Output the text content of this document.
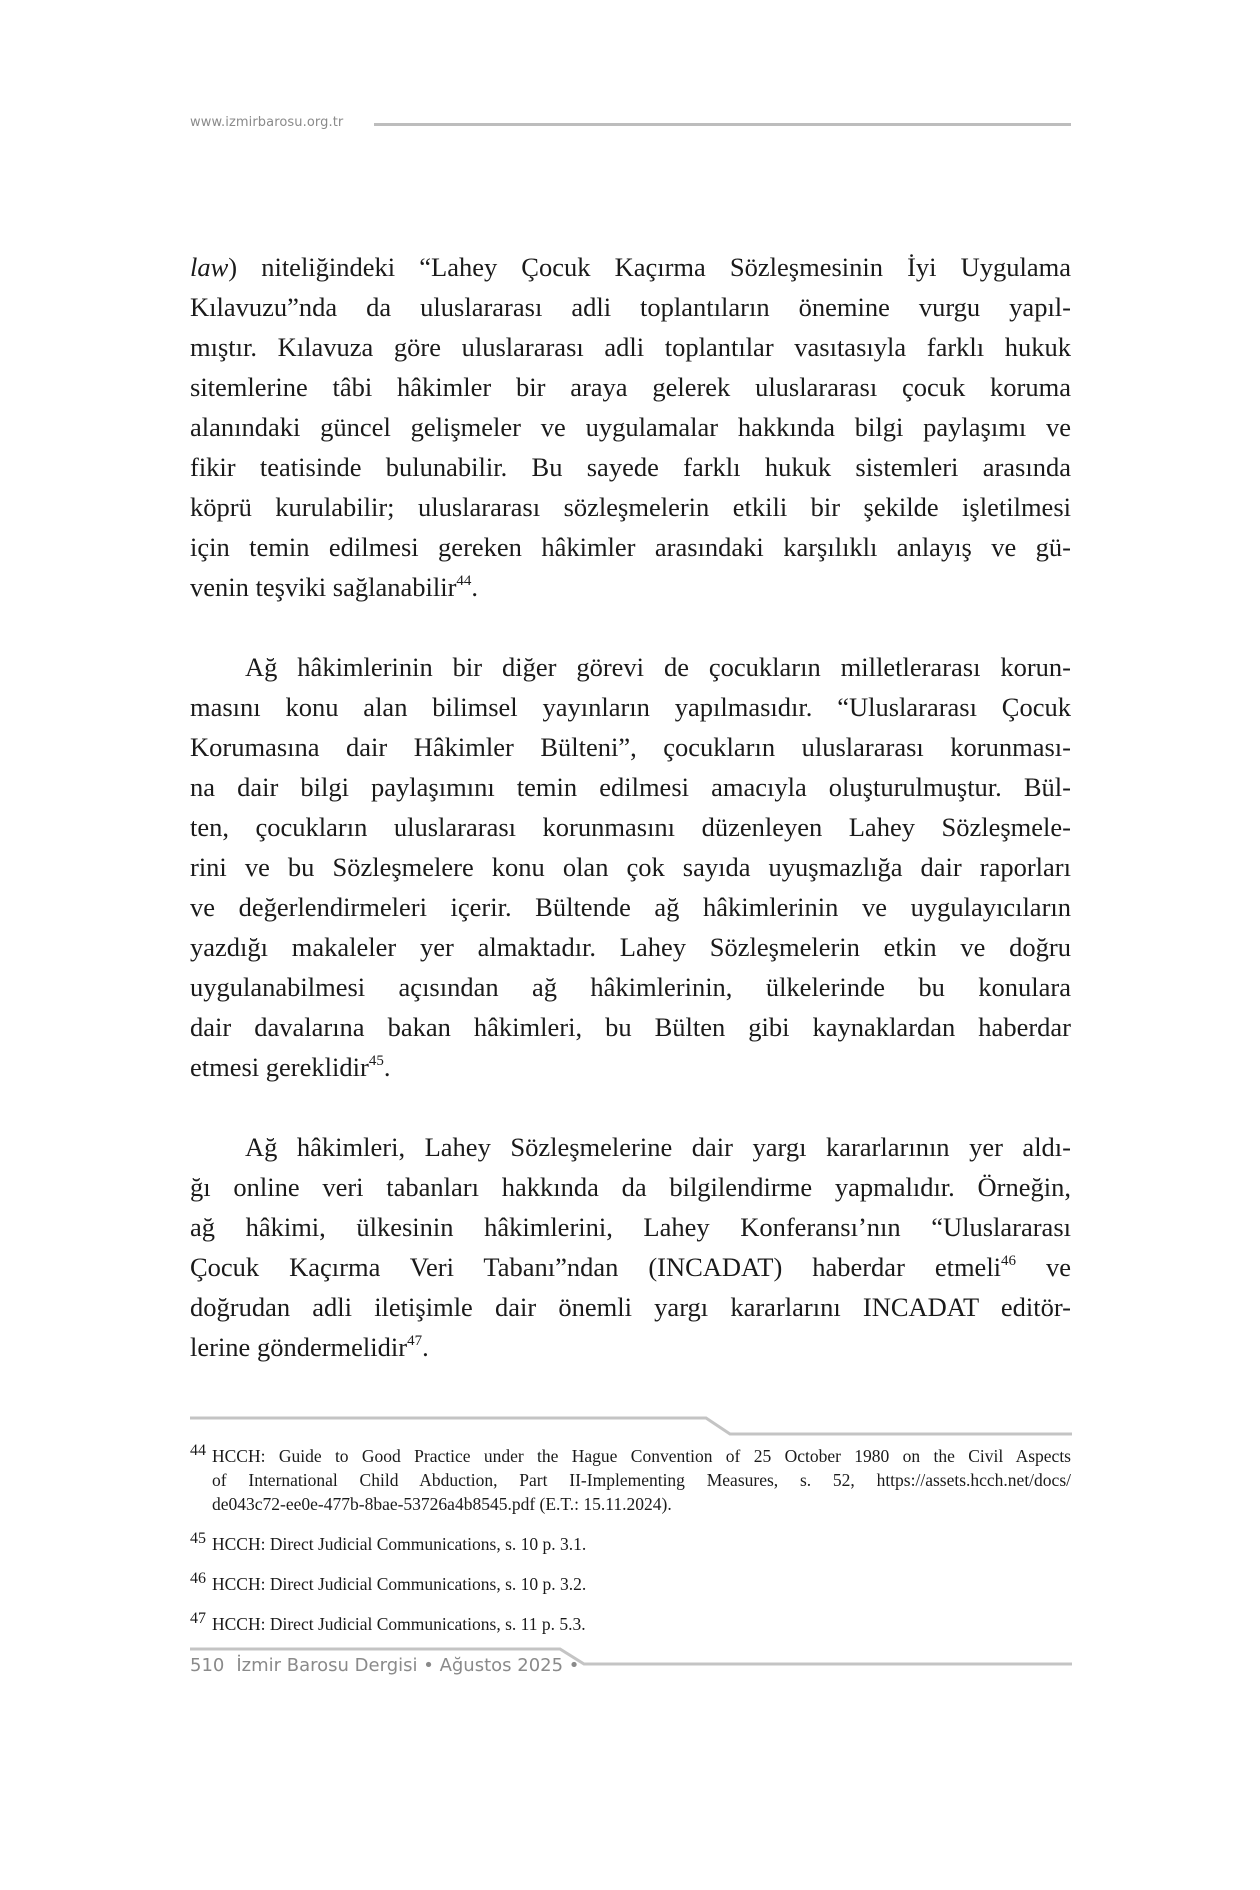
www.izmirbarosu.org.tr

law) niteliğindeki “Lahey Çocuk Kaçırma Sözleşmesinin İyi Uygulama
Kılavuzu”nda da uluslararası adli toplantıların önemine vurgu yapıl-
mıştır. Kılavuza göre uluslararası adli toplantılar vasıtasıyla farklı hukuk
sitemlerine tâbi hâkimler bir araya gelerek uluslararası çocuk koruma
alanındaki güncel gelişmeler ve uygulamalar hakkında bilgi paylaşımı ve
fikir teatisinde bulunabilir. Bu sayede farklı hukuk sistemleri arasında
köprü kurulabilir; uluslararası sözleşmelerin etkili bir şekilde işletilmesi
için temin edilmesi gereken hâkimler arasındaki karşılıklı anlayış ve gü-
venin teşviki sağlanabilir$^{44}$.

Ağ hâkimlerinin bir diğer görevi de çocukların milletlerarası korun-
masını konu alan bilimsel yayınların yapılmasıdır. “Uluslararası Çocuk
Korumasına dair Hâkimler Bülteni”, çocukların uluslararası korunması-
na dair bilgi paylaşımını temin edilmesi amacıyla oluşturulmuştur. Bül-
ten, çocukların uluslararası korunmasını düzenleyen Lahey Sözleşmele-
rini ve bu Sözleşmelere konu olan çok sayıda uyuşmazlığa dair raporları
ve değerlendirmeleri içerir. Bültende ağ hâkimlerinin ve uygulayıcıların
yazdığı makaleler yer almaktadır. Lahey Sözleşmelerin etkin ve doğru
uygulanabilmesi açısından ağ hâkimlerinin, ülkelerinde bu konulara
dair davalarına bakan hâkimleri, bu Bülten gibi kaynaklardan haberdar
etmesi gereklidir$^{45}$.

Ağ hâkimleri, Lahey Sözleşmelerine dair yargı kararlarının yer aldı-
ğı online veri tabanları hakkında da bilgilendirme yapmalıdır. Örneğin,
ağ hâkimi, ülkesinin hâkimlerini, Lahey Konferansı’nın “Uluslararası
Çocuk Kaçırma Veri Tabanı”ndan (INCADAT) haberdar etmeli$^{46}$ ve
doğrudan adli iletişimle dair önemli yargı kararlarını INCADAT editör-
lerine göndermelidir$^{47}$.

44 HCCH: Guide to Good Practice under the Hague Convention of 25 October 1980 on the Civil Aspects
of International Child Abduction, Part II-Implementing Measures, s. 52, https://assets.hcch.net/docs/
de043c72-ee0e-477b-8bae-53726a4b8545.pdf (E.T.: 15.11.2024).
45 HCCH: Direct Judicial Communications, s. 10 p. 3.1.
46 HCCH: Direct Judicial Communications, s. 10 p. 3.2.
47 HCCH: Direct Judicial Communications, s. 11 p. 5.3.
510 İzmir Barosu Dergisi • Ağustos 2025 •
